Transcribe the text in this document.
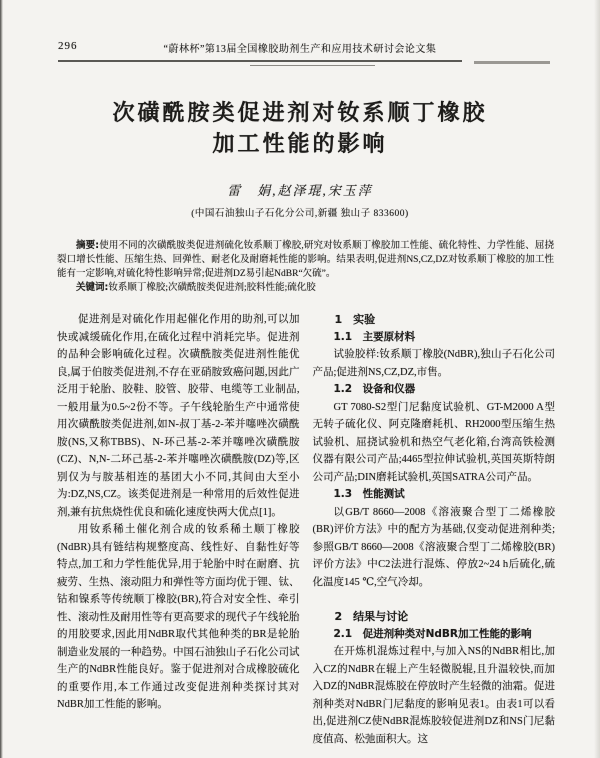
296	“蔚林杯”第13届全国橡胶助剂生产和应用技术研讨会论文集
次磺酰胺类促进剂对钕系顺丁橡胶
加工性能的影响
雷　娟,赵泽琨,宋玉萍
(中国石油独山子石化分公司,新疆 独山子 833600)

摘要:使用不同的次磺酰胺类促进剂硫化钕系顺丁橡胶,研究对钕系顺丁橡胶加工性能、硫化特性、力学性能、屈挠裂口增长性能、压缩生热、回弹性、耐老化及耐磨耗性能的影响。结果表明,促进剂NS,CZ,DZ对钕系顺丁橡胶的加工性能有一定影响,对硫化特性影响异常;促进剂DZ易引起NdBR“欠硫”。

关键词:钕系顺丁橡胶;次磺酰胺类促进剂;胶料性能;硫化胶

促进剂是对硫化作用起催化作用的助剂,可以加快或减缓硫化作用,在硫化过程中消耗完毕。促进剂的品种会影响硫化过程。次磺酰胺类促进剂性能优良,属于伯胺类促进剂,不存在亚硝胺致癌问题,因此广泛用于轮胎、胶鞋、胶管、胶带、电缆等工业制品,一般用量为0.5~2份不等。子午线轮胎生产中通常使用次磺酰胺类促进剂,如N-叔丁基-2-苯并噻唑次磺酰胺(NS,又称TBBS)、N-环己基-2-苯并噻唑次磺酰胺(CZ)、N,N-二环己基-2-苯并噻唑次磺酰胺(DZ)等,区别仅为与胺基相连的基团大小不同,其间由大至小为:DZ,NS,CZ。该类促进剂是一种常用的后效性促进剂,兼有抗焦烧性优良和硫化速度快两大优点[1]。

用钕系稀土催化剂合成的钕系稀土顺丁橡胶(NdBR)具有链结构规整度高、线性好、自黏性好等特点,加工和力学性能优异,用于轮胎中时在耐磨、抗疲劳、生热、滚动阻力和弹性等方面均优于锂、钛、钴和镍系等传统顺丁橡胶(BR),符合对安全性、牵引性、滚动性及耐用性等有更高要求的现代子午线轮胎的用胶要求,因此用NdBR取代其他种类的BR是轮胎制造业发展的一种趋势。中国石油独山子石化公司试生产的NdBR性能良好。鉴于促进剂对合成橡胶硫化的重要作用,本工作通过改变促进剂种类探讨其对NdBR加工性能的影响。

1　实验

1.1　主要原材料

试验胶样:钕系顺丁橡胶(NdBR),独山子石化公司产品;促进剂NS,CZ,DZ,市售。

1.2　设备和仪器

GT 7080-S2型门尼黏度试验机、GT-M2000 A型无转子硫化仪、阿克隆磨耗机、RH2000型压缩生热试验机、屈挠试验机和热空气老化箱,台湾高铁检测仪器有限公司产品;4465型拉伸试验机,英国英斯特朗公司产品;DIN磨耗试验机,英国SATRA公司产品。

1.3　性能测试

以GB/T 8660—2008《溶液聚合型丁二烯橡胶(BR)评价方法》中的配方为基础,仅变动促进剂种类;参照GB/T 8660—2008《溶液聚合型丁二烯橡胶(BR)评价方法》中C2法进行混炼、停放2~24 h后硫化,硫化温度145 ℃,空气冷却。

2　结果与讨论

2.1　促进剂种类对NdBR加工性能的影响

在开炼机混炼过程中,与加入NS的NdBR相比,加入CZ的NdBR在辊上产生轻微脱辊,且升温较快,而加入DZ的NdBR混炼胶在停放时产生轻微的油霜。促进剂种类对NdBR门尼黏度的影响见表1。由表1可以看出,促进剂CZ使NdBR混炼胶较促进剂DZ和NS门尼黏度值高、松弛面积大。这
